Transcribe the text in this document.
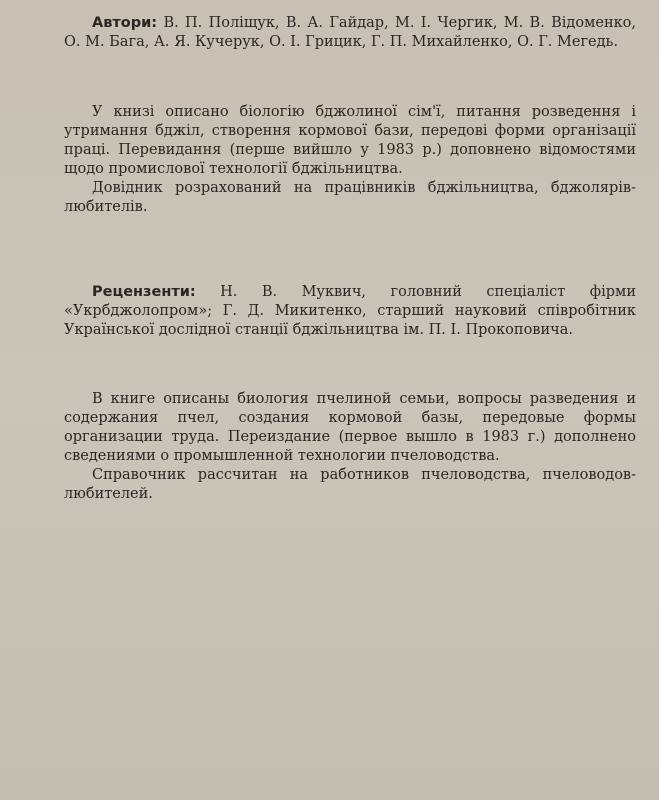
Автори: В. П. Поліщук, В. А. Гайдар, М. І. Чергик, М. В. Відоменко, О. М. Бага, А. Я. Кучерук, О. І. Грицик, Г. П. Михайленко, О. Г. Мегедь.

У книзі описано біологію бджолиної сім'ї, питання розведення і утримання бджіл, створення кормової бази, передові форми організації праці. Перевидання (перше вийшло у 1983 р.) доповнено відомостями щодо промислової технології бджільництва.

Довідник розрахований на працівників бджільництва, бджолярів-любителів.

Рецензенти: Н. В. Муквич, головний спеціаліст фірми «Укрбджолопром»; Г. Д. Микитенко, старший науковий співробітник Української дослідної станції бджільництва ім. П. І. Прокоповича.

В книге описаны биология пчелиной семьи, вопросы разведения и содержания пчел, создания кормовой базы, передовые формы организации труда. Переиздание (первое вышло в 1983 г.) дополнено сведениями о промышленной технологии пчеловодства.

Справочник рассчитан на работников пчеловодства, пчеловодов-любителей.
